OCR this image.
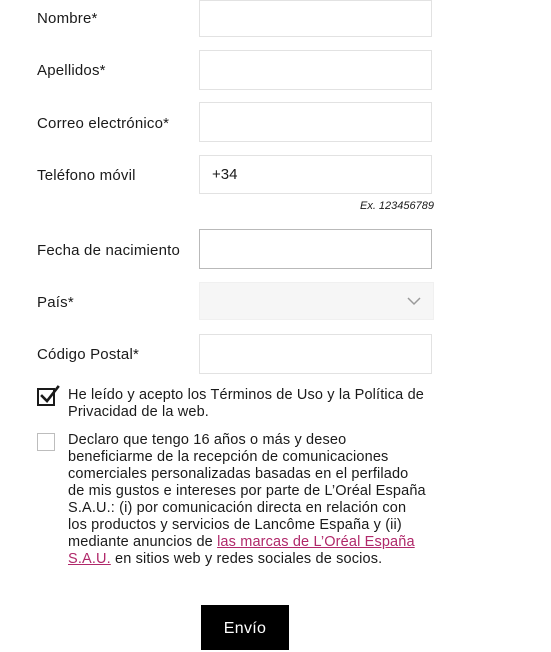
Nombre*
Apellidos*
Correo electrónico*
Teléfono móvil
+34
Ex. 123456789
Fecha de nacimiento
País*
Código Postal*
He leído y acepto los Términos de Uso y la Política de Privacidad de la web.
Declaro que tengo 16 años o más y deseo beneficiarme de la recepción de comunicaciones comerciales personalizadas basadas en el perfilado de mis gustos e intereses por parte de L’Oréal España S.A.U.: (i) por comunicación directa en relación con los productos y servicios de Lancôme España y (ii) mediante anuncios de las marcas de L’Oréal España S.A.U. en sitios web y redes sociales de socios.
Envío
